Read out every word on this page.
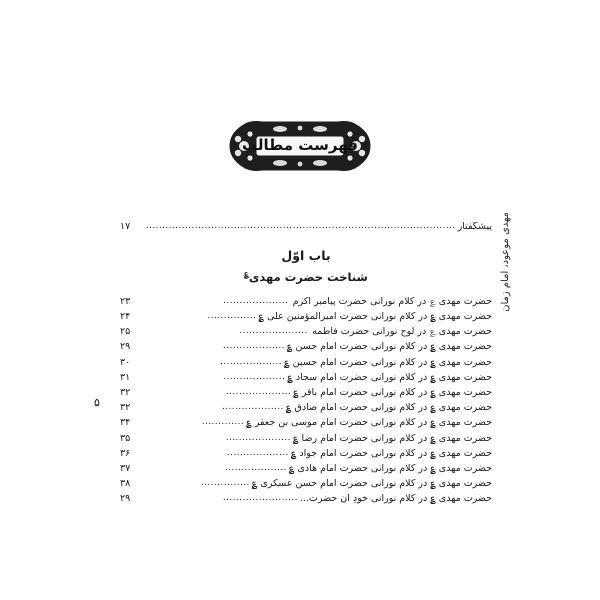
فهرست مطالب
مهدی موعود، امام زمان
۵
پیشگفتار
...............................................................................................
۱۷
باب اوّل
شناخت حضرت مهدی؏
حضرت مهدی ؏ در کلام نورانی حضرت پیامبر اکرم ؐ
....................
۲۳
حضرت مهدی ؏ در کلام نورانی حضرت امیرالمؤمنین علی ؏
...............
۲۴
حضرت مهدی ؏ در لوح نورانی حضرت فاطمه ؐ
.....................
۲۵
حضرت مهدی ؏ در کلام نورانی حضرت امام حسن ؏
...................
۲۹
حضرت مهدی ؏ در کلام نورانی حضرت امام حسین ؏
...................
۳۰
حضرت مهدی ؏ در کلام نورانی حضرت امام سجاد ؏
...................
۳۱
حضرت مهدی ؏ در کلام نورانی حضرت امام باقر ؏
....................
۳۲
حضرت مهدی ؏ در کلام نورانی حضرت امام صادق ؏
...................
۳۲
حضرت مهدی ؏ در کلام نورانی حضرت امام موسی بن جعفر ؏
.............
۳۴
حضرت مهدی ؏ در کلام نورانی حضرت امام رضا ؏
....................
۳۵
حضرت مهدی ؏ در کلام نورانی حضرت امام جواد ؏
...................
۳۶
حضرت مهدی ؏ در کلام نورانی حضرت امام هادی ؏
...................
۳۷
حضرت مهدی ؏ در کلام نورانی حضرت امام حسن عسکری ؏
...............
۳۸
حضرت مهدی ؏ در کلام نورانی خودِ آن حضرت...
.......................
۲۹
